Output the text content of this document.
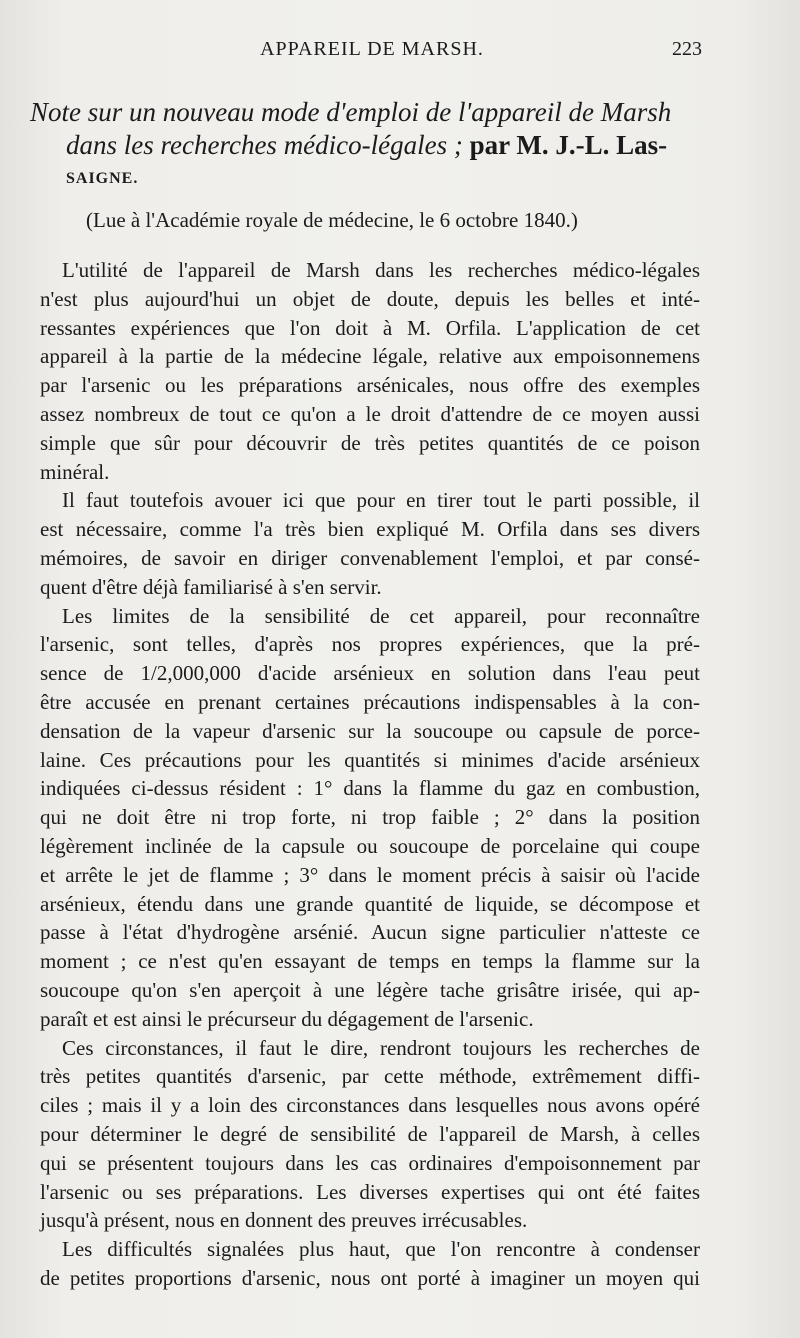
APPAREIL DE MARSH.	223
Note sur un nouveau mode d'emploi de l'appareil de Marsh
dans les recherches médico-légales ; par M. J.-L. Las-
SAIGNE.
(Lue à l'Académie royale de médecine, le 6 octobre 1840.)
L'utilité de l'appareil de Marsh dans les recherches médico-légales
n'est plus aujourd'hui un objet de doute, depuis les belles et inté-
ressantes expériences que l'on doit à M. Orfila. L'application de cet
appareil à la partie de la médecine légale, relative aux empoisonnemens
par l'arsenic ou les préparations arsénicales, nous offre des exemples
assez nombreux de tout ce qu'on a le droit d'attendre de ce moyen aussi
simple que sûr pour découvrir de très petites quantités de ce poison
minéral.
Il faut toutefois avouer ici que pour en tirer tout le parti possible, il
est nécessaire, comme l'a très bien expliqué M. Orfila dans ses divers
mémoires, de savoir en diriger convenablement l'emploi, et par consé-
quent d'être déjà familiarisé à s'en servir.
Les limites de la sensibilité de cet appareil, pour reconnaître
l'arsenic, sont telles, d'après nos propres expériences, que la pré-
sence de 1/2,000,000 d'acide arsénieux en solution dans l'eau peut
être accusée en prenant certaines précautions indispensables à la con-
densation de la vapeur d'arsenic sur la soucoupe ou capsule de porce-
laine. Ces précautions pour les quantités si minimes d'acide arsénieux
indiquées ci-dessus résident : 1° dans la flamme du gaz en combustion,
qui ne doit être ni trop forte, ni trop faible ; 2° dans la position
légèrement inclinée de la capsule ou soucoupe de porcelaine qui coupe
et arrête le jet de flamme ; 3° dans le moment précis à saisir où l'acide
arsénieux, étendu dans une grande quantité de liquide, se décompose et
passe à l'état d'hydrogène arsénié. Aucun signe particulier n'atteste ce
moment ; ce n'est qu'en essayant de temps en temps la flamme sur la
soucoupe qu'on s'en aperçoit à une légère tache grisâtre irisée, qui ap-
paraît et est ainsi le précurseur du dégagement de l'arsenic.
Ces circonstances, il faut le dire, rendront toujours les recherches de
très petites quantités d'arsenic, par cette méthode, extrêmement diffi-
ciles ; mais il y a loin des circonstances dans lesquelles nous avons opéré
pour déterminer le degré de sensibilité de l'appareil de Marsh, à celles
qui se présentent toujours dans les cas ordinaires d'empoisonnement par
l'arsenic ou ses préparations. Les diverses expertises qui ont été faites
jusqu'à présent, nous en donnent des preuves irrécusables.
Les difficultés signalées plus haut, que l'on rencontre à condenser
de petites proportions d'arsenic, nous ont porté à imaginer un moyen qui
